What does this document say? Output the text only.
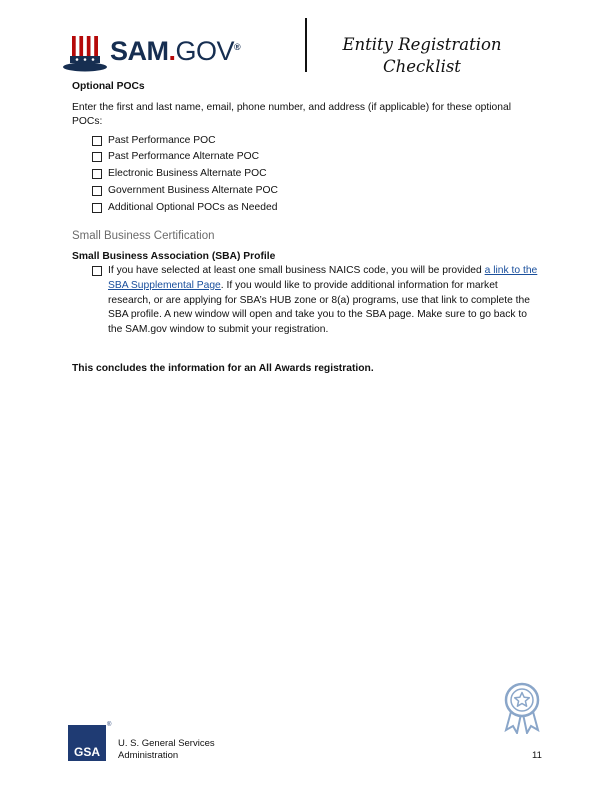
SAM.GOV®	Entity Registration
Checklist

Optional POCs

Enter the first and last name, email, phone number, and address (if applicable) for these optional POCs:

Past Performance POC
Past Performance Alternate POC
Electronic Business Alternate POC
Government Business Alternate POC
Additional Optional POCs as Needed
Small Business Certification

Small Business Association (SBA) Profile

If you have selected at least one small business NAICS code, you will be provided a link to the SBA Supplemental Page. If you would like to provide additional information for market research, or are applying for SBA’s HUB zone or 8(a) programs, use that link to complete the SBA profile. A new window will open and take you to the SBA page. Make sure to go back to the SAM.gov window to submit your registration.

This concludes the information for an All Awards registration.

GSA
®
U. S. General Services
Administration	11
